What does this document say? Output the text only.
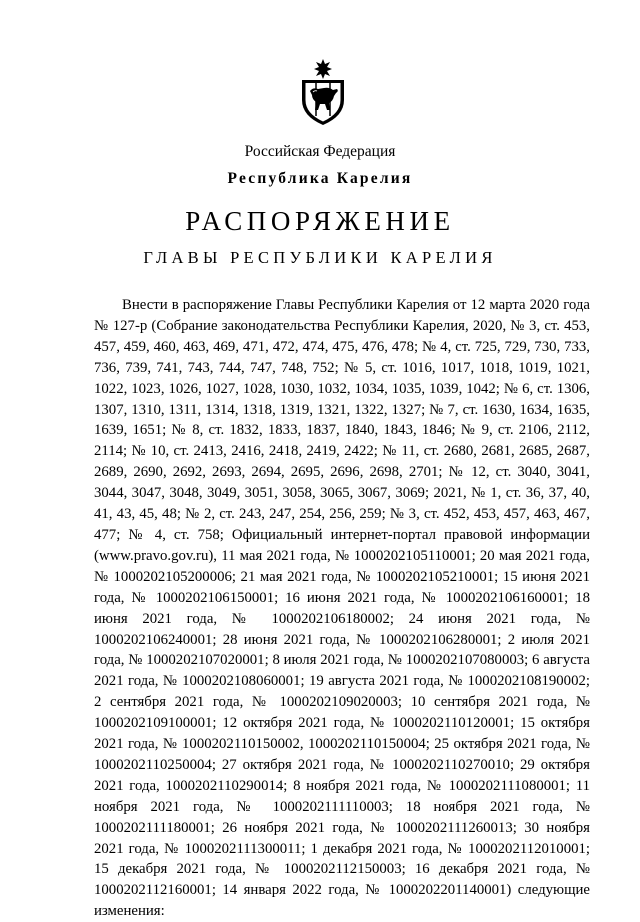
Российская Федерация
Республика Карелия
РАСПОРЯЖЕНИЕ
ГЛАВЫ РЕСПУБЛИКИ КАРЕЛИЯ
Внести в распоряжение Главы Республики Карелия от 12 марта 2020 года № 127-р (Собрание законодательства Республики Карелия, 2020, № 3, ст. 453, 457, 459, 460, 463, 469, 471, 472, 474, 475, 476, 478; № 4, ст. 725, 729, 730, 733, 736, 739, 741, 743, 744, 747, 748, 752; № 5, ст. 1016, 1017, 1018, 1019, 1021, 1022, 1023, 1026, 1027, 1028, 1030, 1032, 1034, 1035, 1039, 1042; № 6, ст. 1306, 1307, 1310, 1311, 1314, 1318, 1319, 1321, 1322, 1327; № 7, ст. 1630, 1634, 1635, 1639, 1651; № 8, ст. 1832, 1833, 1837, 1840, 1843, 1846; № 9, ст. 2106, 2112, 2114; № 10, ст. 2413, 2416, 2418, 2419, 2422; № 11, ст. 2680, 2681, 2685, 2687, 2689, 2690, 2692, 2693, 2694, 2695, 2696, 2698, 2701; № 12, ст. 3040, 3041, 3044, 3047, 3048, 3049, 3051, 3058, 3065, 3067, 3069; 2021, № 1, ст. 36, 37, 40, 41, 43, 45, 48; № 2, ст. 243, 247, 254, 256, 259; № 3, ст. 452, 453, 457, 463, 467, 477; № 4, ст. 758; Официальный интернет-портал правовой информации (www.pravo.gov.ru), 11 мая 2021 года, № 1000202105110001; 20 мая 2021 года, № 1000202105200006; 21 мая 2021 года, № 1000202105210001; 15 июня 2021 года, № 1000202106150001; 16 июня 2021 года, № 1000202106160001; 18 июня 2021 года, № 1000202106180002; 24 июня 2021 года, № 1000202106240001; 28 июня 2021 года, № 1000202106280001; 2 июля 2021 года, № 1000202107020001; 8 июля 2021 года, № 1000202107080003; 6 августа 2021 года, № 1000202108060001; 19 августа 2021 года, № 1000202108190002; 2 сентября 2021 года, № 1000202109020003; 10 сентября 2021 года, № 1000202109100001; 12 октября 2021 года, № 1000202110120001; 15 октября 2021 года, № 1000202110150002, 1000202110150004; 25 октября 2021 года, № 1000202110250004; 27 октября 2021 года, № 1000202110270010; 29 октября 2021 года, 1000202110290014; 8 ноября 2021 года, № 1000202111080001; 11 ноября 2021 года, № 1000202111110003; 18 ноября 2021 года, № 1000202111180001; 26 ноября 2021 года, № 1000202111260013; 30 ноября 2021 года, № 1000202111300011; 1 декабря 2021 года, № 1000202112010001; 15 декабря 2021 года, № 1000202112150003; 16 декабря 2021 года, № 1000202112160001; 14 января 2022 года, № 1000202201140001) следующие изменения:
